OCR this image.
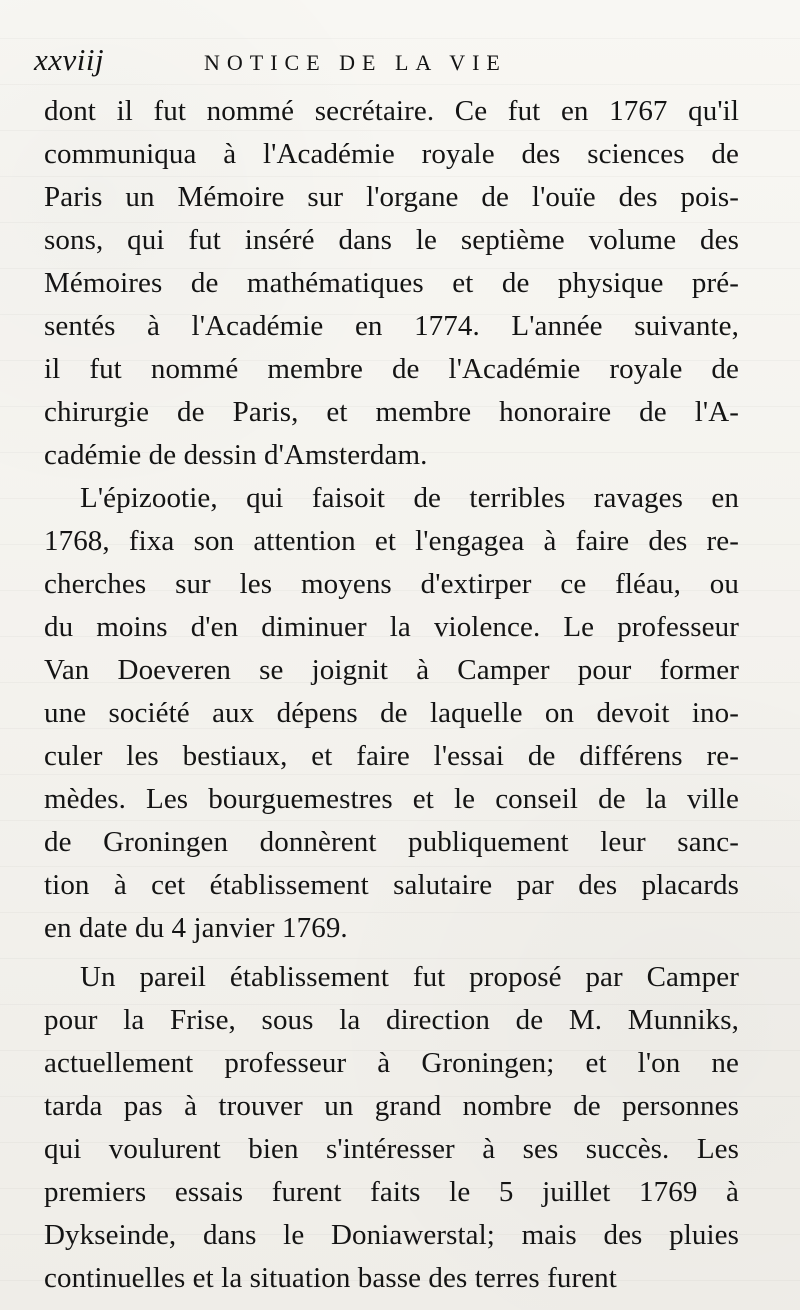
xxviij	NOTICE DE LA VIE
dont il fut nommé secrétaire. Ce fut en 1767 qu'il
communiqua à l'Académie royale des sciences de
Paris un Mémoire sur l'organe de l'ouïe des pois-
sons, qui fut inséré dans le septième volume des
Mémoires de mathématiques et de physique pré-
sentés à l'Académie en 1774. L'année suivante,
il fut nommé membre de l'Académie royale de
chirurgie de Paris, et membre honoraire de l'A-
cadémie de dessin d'Amsterdam.
L'épizootie, qui faisoit de terribles ravages en
1768, fixa son attention et l'engagea à faire des re-
cherches sur les moyens d'extirper ce fléau, ou
du moins d'en diminuer la violence. Le professeur
Van Doeveren se joignit à Camper pour former
une société aux dépens de laquelle on devoit ino-
culer les bestiaux, et faire l'essai de différens re-
mèdes. Les bourguemestres et le conseil de la ville
de Groningen donnèrent publiquement leur sanc-
tion à cet établissement salutaire par des placards
en date du 4 janvier 1769.
Un pareil établissement fut proposé par Camper
pour la Frise, sous la direction de M. Munniks,
actuellement professeur à Groningen; et l'on ne
tarda pas à trouver un grand nombre de personnes
qui voulurent bien s'intéresser à ses succès. Les
premiers essais furent faits le 5 juillet 1769 à
Dykseinde, dans le Doniawerstal; mais des pluies
continuelles et la situation basse des terres furent
